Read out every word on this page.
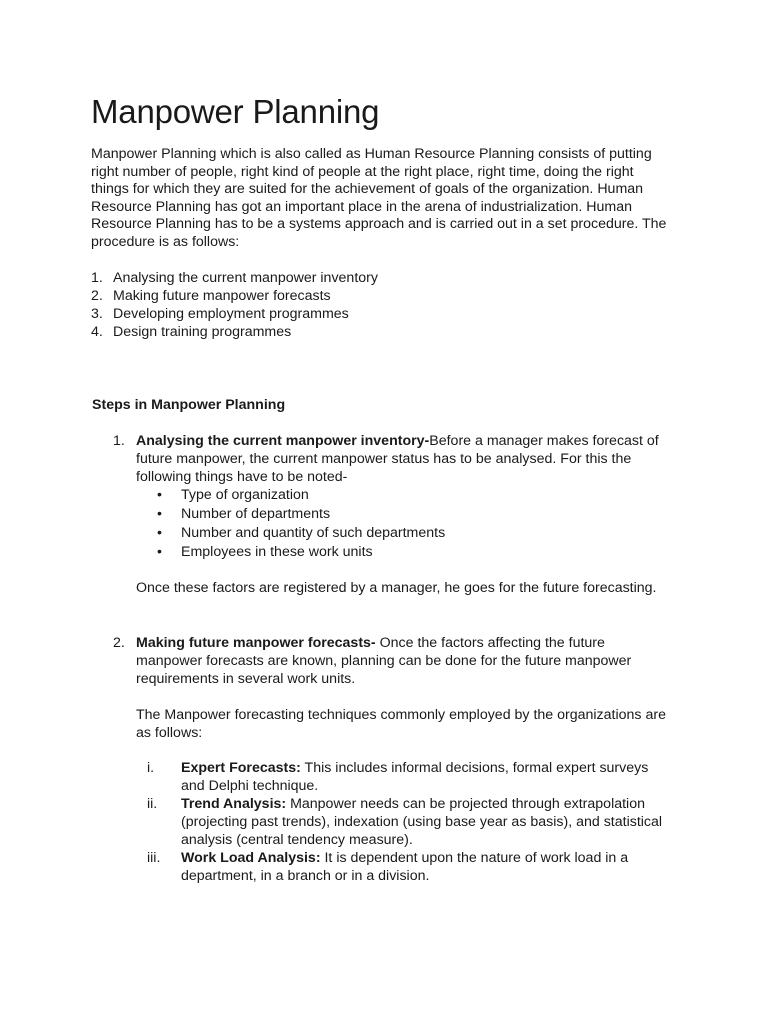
Manpower Planning

Manpower Planning which is also called as Human Resource Planning consists of putting right number of people, right kind of people at the right place, right time, doing the right things for which they are suited for the achievement of goals of the organization. Human Resource Planning has got an important place in the arena of industrialization. Human Resource Planning has to be a systems approach and is carried out in a set procedure. The procedure is as follows:

1. Analysing the current manpower inventory
2. Making future manpower forecasts
3. Developing employment programmes
4. Design training programmes
Steps in Manpower Planning
1. Analysing the current manpower inventory-Before a manager makes forecast of future manpower, the current manpower status has to be analysed. For this the following things have to be noted-

•	Type of organization
•	Number of departments
•	Number and quantity of such departments
•	Employees in these work units

Once these factors are registered by a manager, he goes for the future forecasting.

2. Making future manpower forecasts- Once the factors affecting the future manpower forecasts are known, planning can be done for the future manpower requirements in several work units.

The Manpower forecasting techniques commonly employed by the organizations are as follows:

i. Expert Forecasts: This includes informal decisions, formal expert surveys and Delphi technique.
ii. Trend Analysis: Manpower needs can be projected through extrapolation (projecting past trends), indexation (using base year as basis), and statistical analysis (central tendency measure).
iii. Work Load Analysis: It is dependent upon the nature of work load in a department, in a branch or in a division.
